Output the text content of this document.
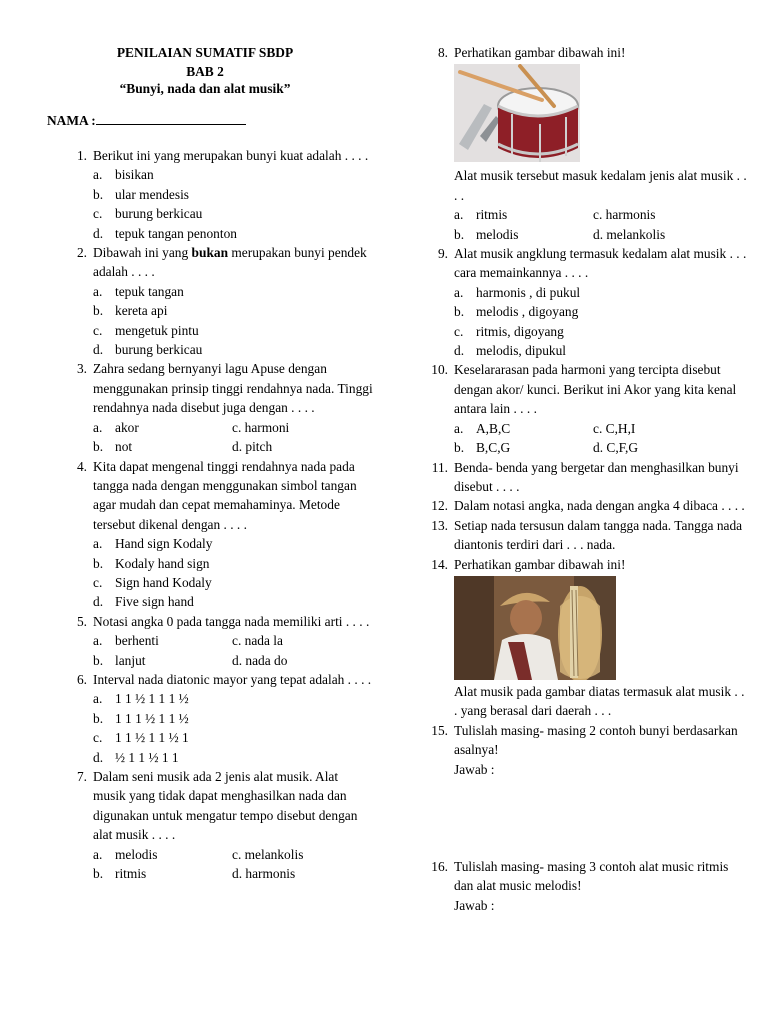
PENILAIAN SUMATIF SBDP
BAB 2
“Bunyi, nada dan alat musik”
NAMA :
1. Berikut ini yang merupakan bunyi kuat adalah . . . .
a. bisikan
b. ular mendesis
c. burung berkicau
d. tepuk tangan penonton
2. Dibawah ini yang bukan merupakan bunyi pendek adalah . . . .
a. tepuk tangan
b. kereta api
c. mengetuk pintu
d. burung berkicau
3. Zahra sedang bernyanyi lagu Apuse dengan menggunakan prinsip tinggi rendahnya nada. Tinggi rendahnya nada disebut juga dengan . . . .
a. akor	c. harmoni
b. not	d. pitch
4. Kita dapat mengenal tinggi rendahnya nada pada tangga nada dengan menggunakan simbol tangan agar mudah dan cepat memahaminya. Metode tersebut dikenal dengan . . . .
a. Hand sign Kodaly
b. Kodaly hand sign
c. Sign hand Kodaly
d. Five sign hand
5. Notasi angka 0 pada tangga nada memiliki arti . . . .
a. berhenti	c. nada la
b. lanjut	d. nada do
6. Interval nada diatonic mayor yang tepat adalah . . . .
a. 1 1 ½ 1 1 1 ½
b. 1 1 1 ½ 1 1 ½
c. 1 1 ½ 1 1 ½ 1
d. ½ 1 1 ½ 1 1
7. Dalam seni musik ada 2 jenis alat musik. Alat musik yang tidak dapat menghasilkan nada dan digunakan untuk mengatur tempo disebut dengan alat musik . . . .
a. melodis	c. melankolis
b. ritmis	d. harmonis
8. Perhatikan gambar dibawah ini!
Alat musik tersebut masuk kedalam jenis alat musik . . . .
a. ritmis	c. harmonis
b. melodis	d. melankolis
9. Alat musik angklung termasuk kedalam alat musik . . . cara memainkannya . . . .
a. harmonis , di pukul
b. melodis , digoyang
c. ritmis, digoyang
d. melodis, dipukul
10. Keselararasan pada harmoni yang tercipta disebut dengan akor/ kunci. Berikut ini Akor yang kita kenal antara lain . . . .
a. A,B,C	c. C,H,I
b. B,C,G	d. C,F,G
11. Benda- benda yang bergetar dan menghasilkan bunyi disebut . . . .
12. Dalam notasi angka, nada dengan angka 4 dibaca . . . .
13. Setiap nada tersusun dalam tangga nada. Tangga nada diantonis terdiri dari . . . nada.
14. Perhatikan gambar dibawah ini!
Alat musik pada gambar diatas termasuk alat musik . . . yang berasal dari daerah . . .
15. Tulislah masing- masing 2 contoh bunyi berdasarkan asalnya!
Jawab :
16. Tulislah masing- masing 3 contoh alat music ritmis dan alat music melodis!
Jawab :
